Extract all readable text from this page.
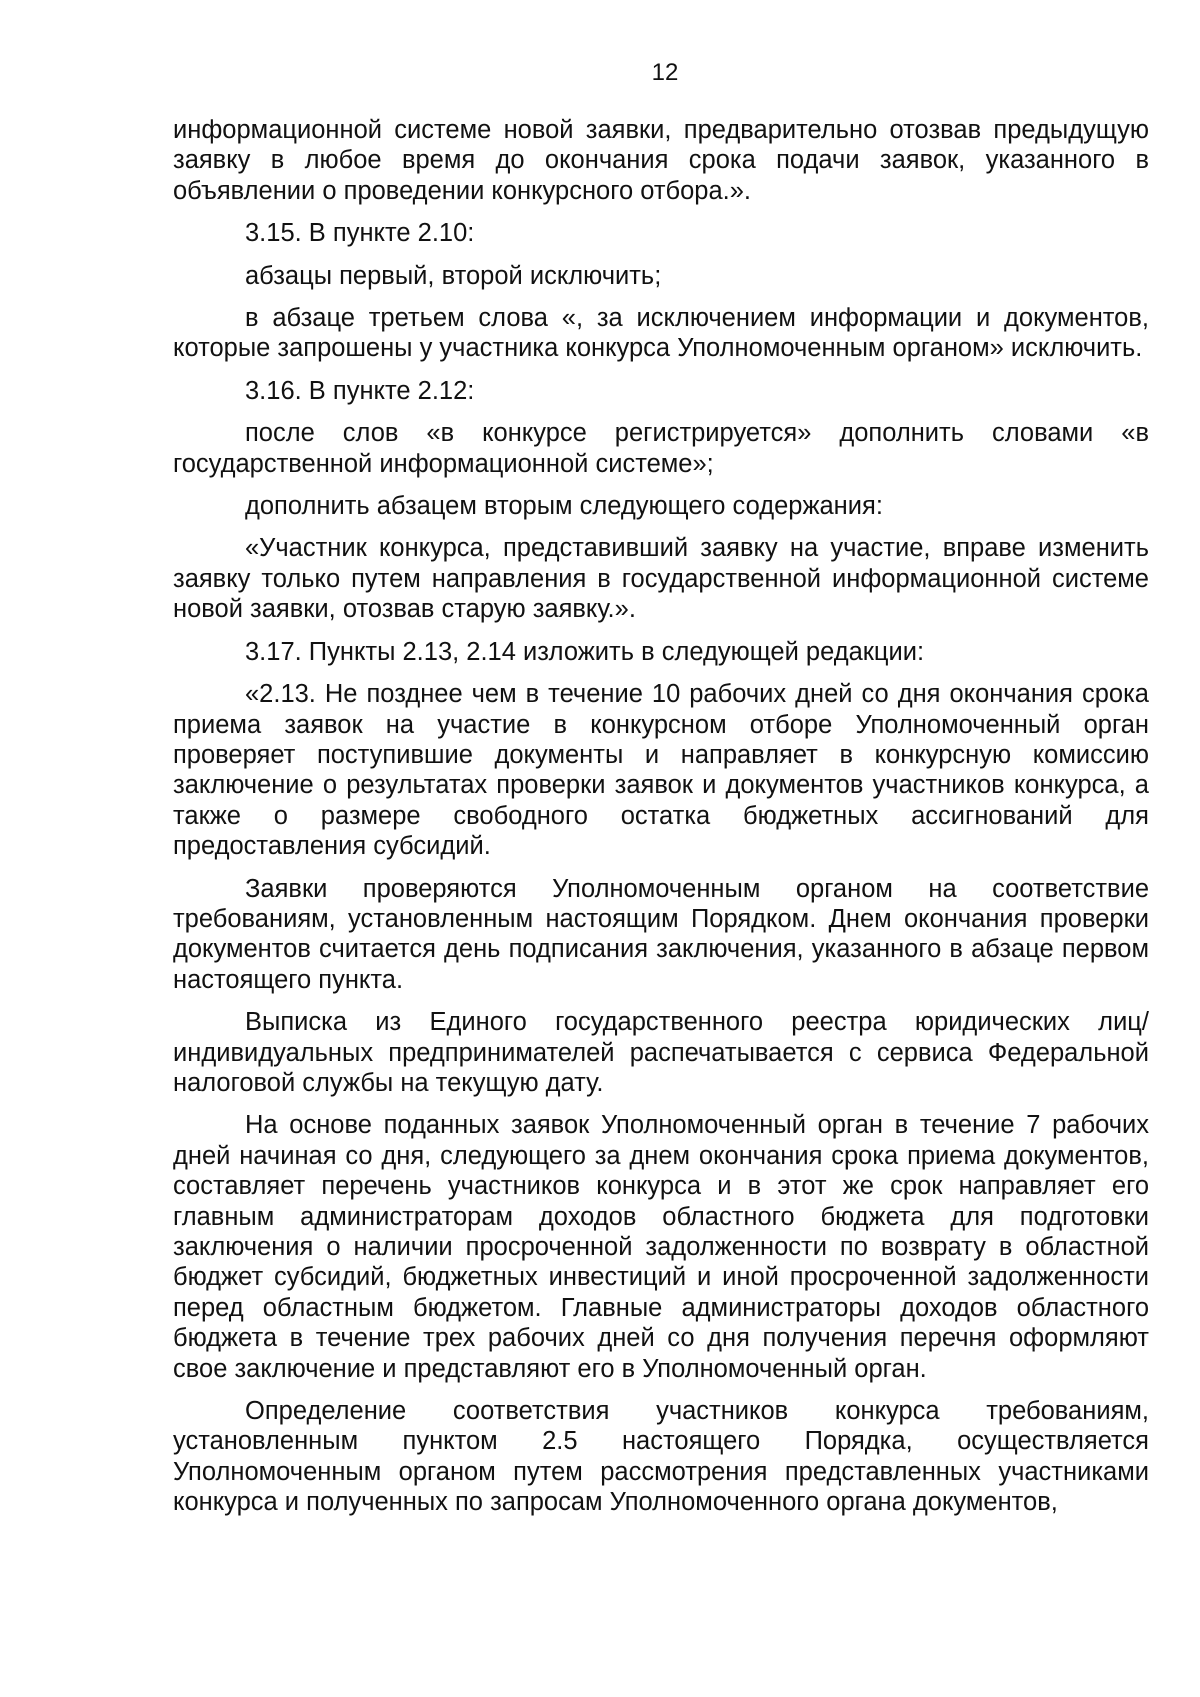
12

информационной системе новой заявки, предварительно отозвав предыдущую заявку в любое время до окончания срока подачи заявок, указанного в объявлении о проведении конкурсного отбора.».

3.15. В пункте 2.10:

абзацы первый, второй исключить;

в абзаце третьем слова «, за исключением информации и документов, которые запрошены у участника конкурса Уполномоченным органом» исключить.

3.16. В пункте 2.12:

после слов «в конкурсе регистрируется» дополнить словами «в государственной информационной системе»;

дополнить абзацем вторым следующего содержания:

«Участник конкурса, представивший заявку на участие, вправе изменить заявку только путем направления в государственной информационной системе новой заявки, отозвав старую заявку.».

3.17. Пункты 2.13, 2.14 изложить в следующей редакции:

«2.13. Не позднее чем в течение 10 рабочих дней со дня окончания срока приема заявок на участие в конкурсном отборе Уполномоченный орган проверяет поступившие документы и направляет в конкурсную комиссию заключение о результатах проверки заявок и документов участников конкурса, а также о размере свободного остатка бюджетных ассигнований для предоставления субсидий.

Заявки проверяются Уполномоченным органом на соответствие требованиям, установленным настоящим Порядком. Днем окончания проверки документов считается день подписания заключения, указанного в абзаце первом настоящего пункта.

Выписка из Единого государственного реестра юридических лиц/индивидуальных предпринимателей распечатывается с сервиса Федеральной налоговой службы на текущую дату.

На основе поданных заявок Уполномоченный орган в течение 7 рабочих дней начиная со дня, следующего за днем окончания срока приема документов, составляет перечень участников конкурса и в этот же срок направляет его главным администраторам доходов областного бюджета для подготовки заключения о наличии просроченной задолженности по возврату в областной бюджет субсидий, бюджетных инвестиций и иной просроченной задолженности перед областным бюджетом. Главные администраторы доходов областного бюджета в течение трех рабочих дней со дня получения перечня оформляют свое заключение и представляют его в Уполномоченный орган.

Определение соответствия участников конкурса требованиям, установленным пунктом 2.5 настоящего Порядка, осуществляется Уполномоченным органом путем рассмотрения представленных участниками конкурса и полученных по запросам Уполномоченного органа документов,
